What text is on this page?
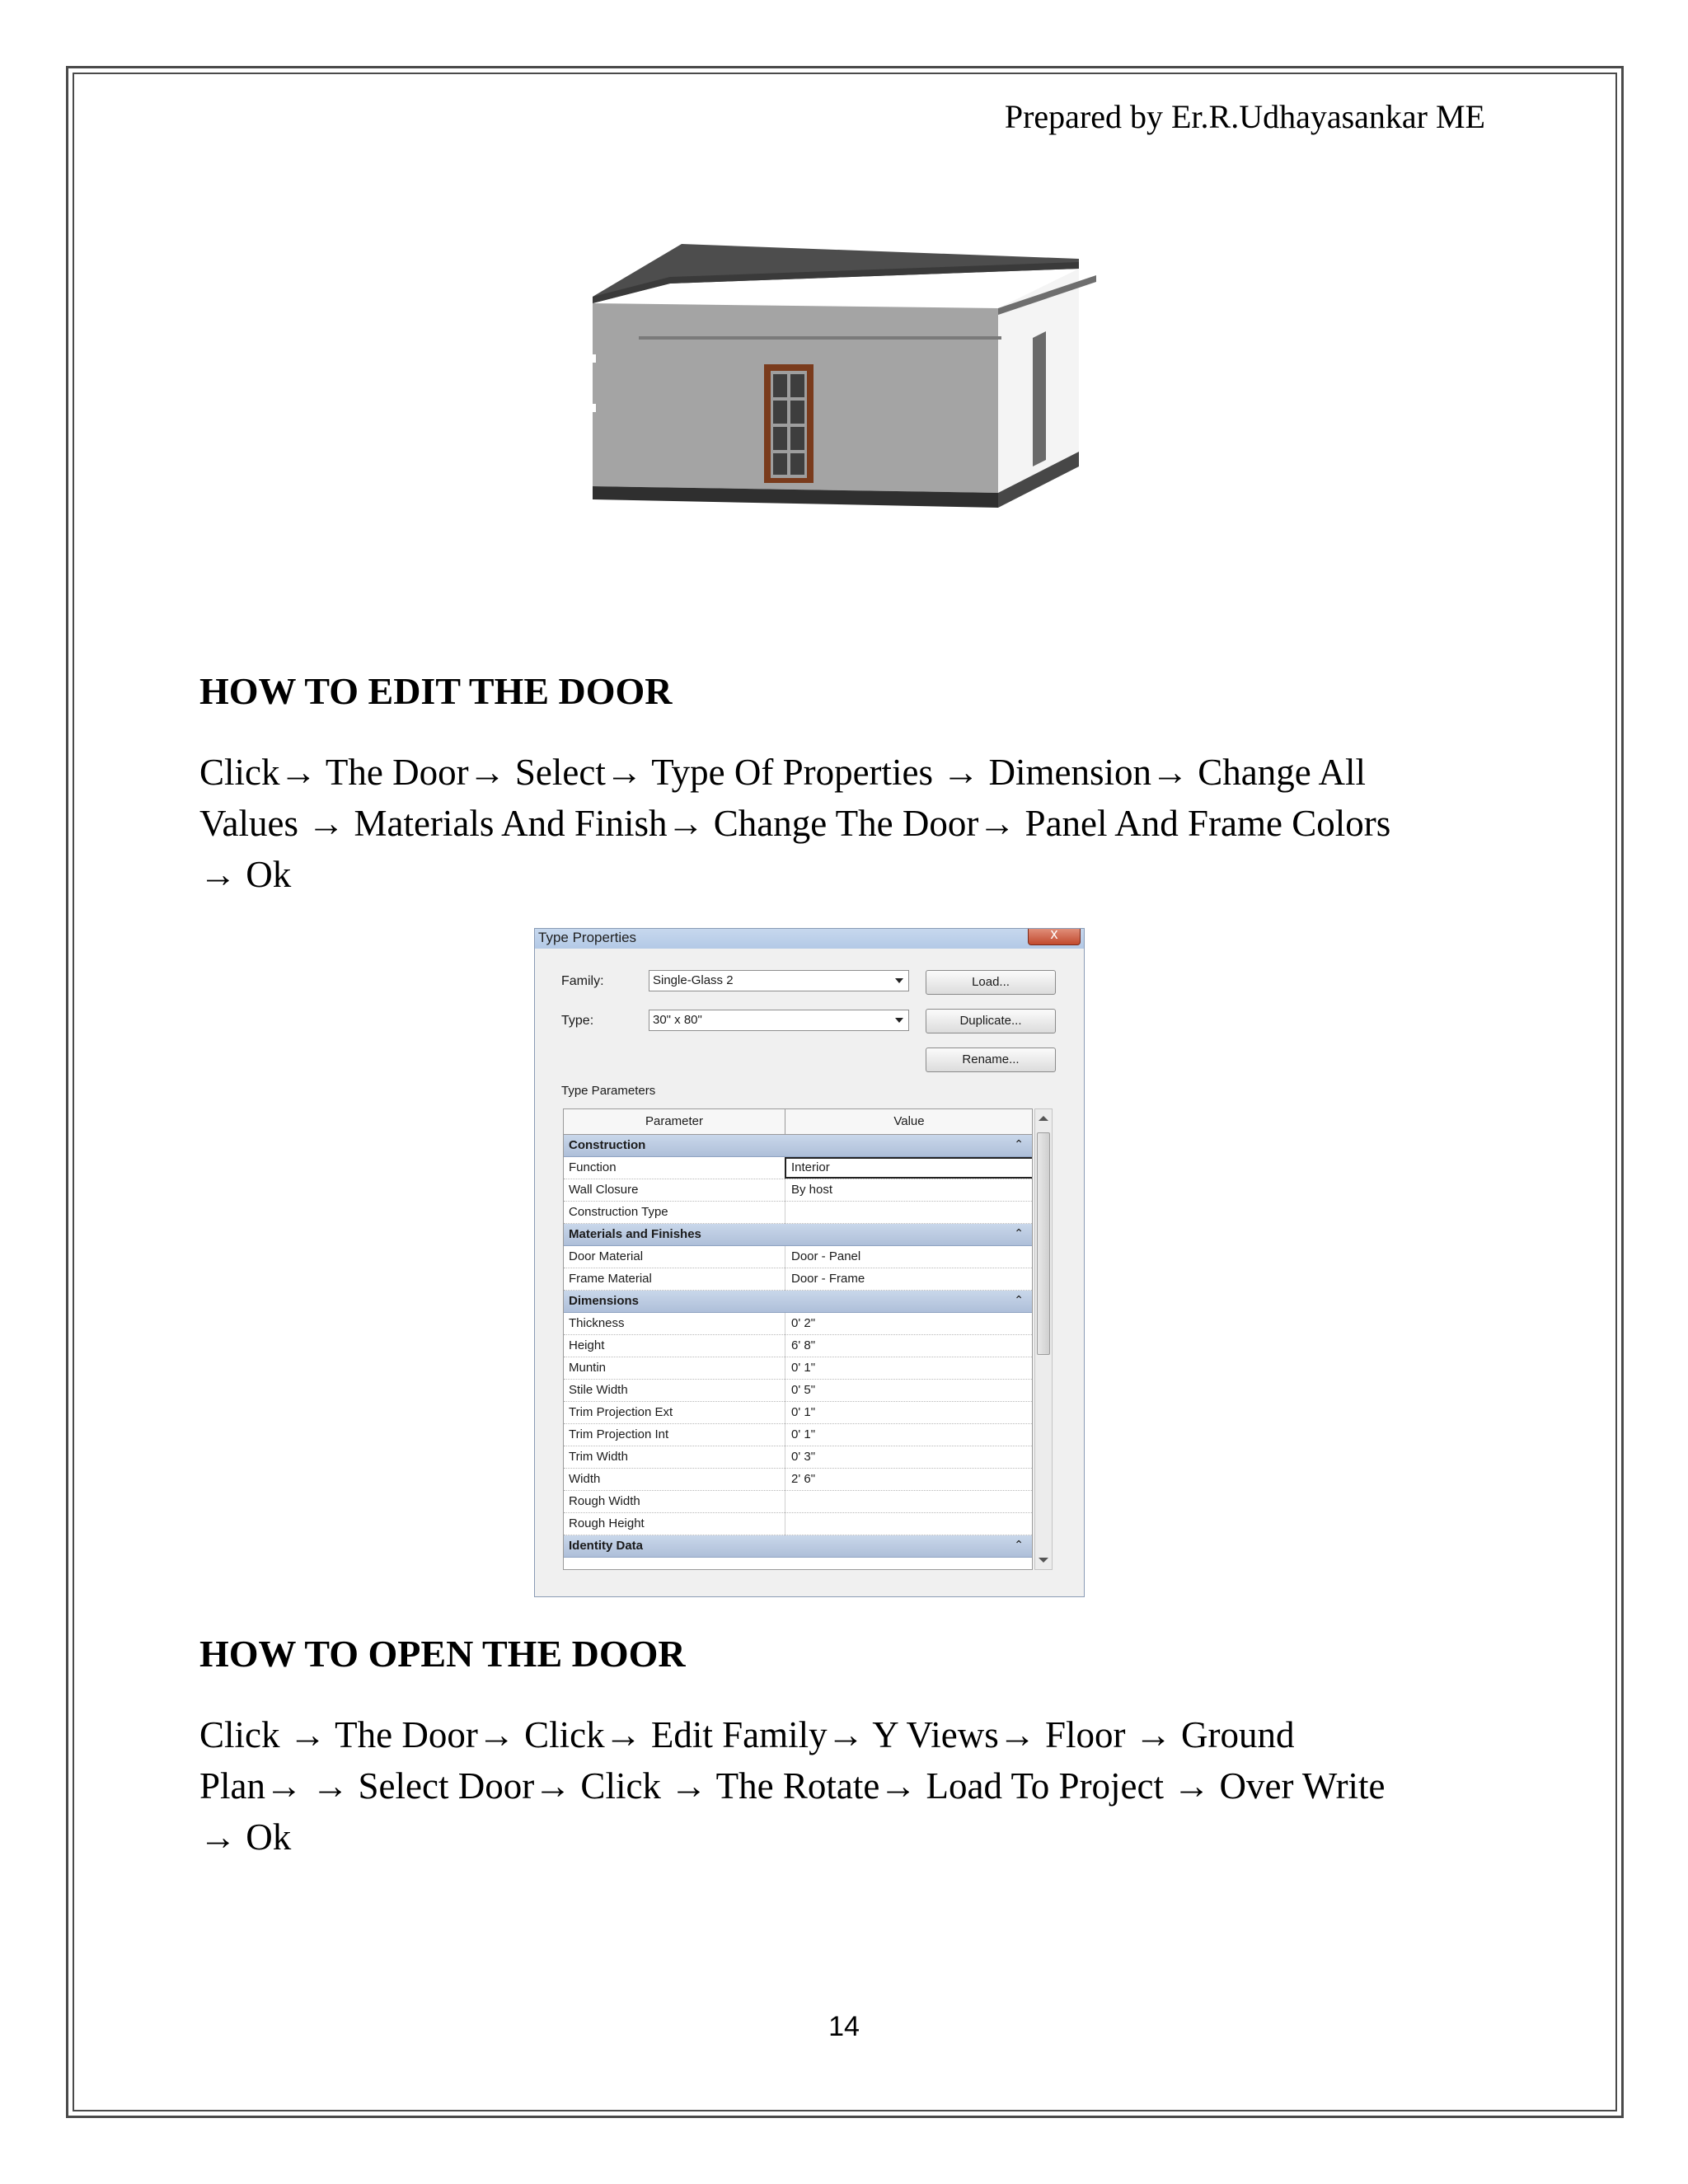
Prepared by Er.R.Udhayasankar ME
HOW TO EDIT THE DOOR
Click→ The Door→ Select→ Type Of Properties → Dimension→ Change All
Values → Materials And Finish→ Change The Door→ Panel And Frame Colors
→ Ok
Type Properties	x
Family:	Single-Glass 2	Load...
Type:	30" x 80"	Duplicate...
Rename...
Type Parameters
Parameter	Value
Construction	⌃
Function	Interior
Wall Closure	By host
Construction Type
Materials and Finishes	⌃
Door Material	Door - Panel
Frame Material	Door - Frame
Dimensions	⌃
Thickness	0' 2"
Height	6' 8"
Muntin	0' 1"
Stile Width	0' 5"
Trim Projection Ext	0' 1"
Trim Projection Int	0' 1"
Trim Width	0' 3"
Width	2' 6"
Rough Width
Rough Height
Identity Data	⌃
HOW TO OPEN THE DOOR
Click → The Door→ Click→ Edit Family→ Y Views→ Floor → Ground
Plan→ → Select Door→ Click → The Rotate→ Load To Project → Over Write
→ Ok
14
